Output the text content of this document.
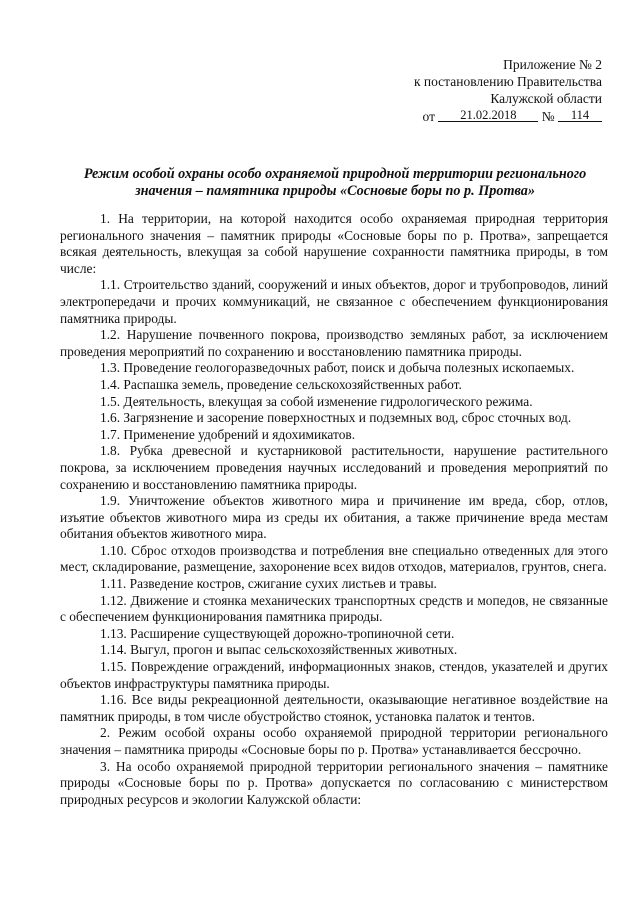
Приложение № 2
к постановлению Правительства
Калужской области
от 21.02.2018 № 114
Режим особой охраны особо охраняемой природной территории регионального
значения – памятника природы «Сосновые боры по р. Протва»

1. На территории, на которой находится особо охраняемая природная территория регионального значения – памятник природы «Сосновые боры по р. Протва», запрещается всякая деятельность, влекущая за собой нарушение сохранности памятника природы, в том числе:

1.1. Строительство зданий, сооружений и иных объектов, дорог и трубопроводов, линий электропередачи и прочих коммуникаций, не связанное с обеспечением функционирования памятника природы.

1.2. Нарушение почвенного покрова, производство земляных работ, за исключением проведения мероприятий по сохранению и восстановлению памятника природы.

1.3. Проведение геологоразведочных работ, поиск и добыча полезных ископаемых.

1.4. Распашка земель, проведение сельскохозяйственных работ.

1.5. Деятельность, влекущая за собой изменение гидрологического режима.

1.6. Загрязнение и засорение поверхностных и подземных вод, сброс сточных вод.

1.7. Применение удобрений и ядохимикатов.

1.8. Рубка древесной и кустарниковой растительности, нарушение растительного покрова, за исключением проведения научных исследований и проведения мероприятий по сохранению и восстановлению памятника природы.

1.9. Уничтожение объектов животного мира и причинение им вреда, сбор, отлов, изъятие объектов животного мира из среды их обитания, а также причинение вреда местам обитания объектов животного мира.

1.10. Сброс отходов производства и потребления вне специально отведенных для этого мест, складирование, размещение, захоронение всех видов отходов, материалов, грунтов, снега.

1.11. Разведение костров, сжигание сухих листьев и травы.

1.12. Движение и стоянка механических транспортных средств и мопедов, не связанные с обеспечением функционирования памятника природы.

1.13. Расширение существующей дорожно-тропиночной сети.

1.14. Выгул, прогон и выпас сельскохозяйственных животных.

1.15. Повреждение ограждений, информационных знаков, стендов, указателей и других объектов инфраструктуры памятника природы.

1.16. Все виды рекреационной деятельности, оказывающие негативное воздействие на памятник природы, в том числе обустройство стоянок, установка палаток и тентов.

2. Режим особой охраны особо охраняемой природной территории регионального значения – памятника природы «Сосновые боры по р. Протва» устанавливается бессрочно.

3. На особо охраняемой природной территории регионального значения – памятнике природы «Сосновые боры по р. Протва» допускается по согласованию с министерством природных ресурсов и экологии Калужской области:
